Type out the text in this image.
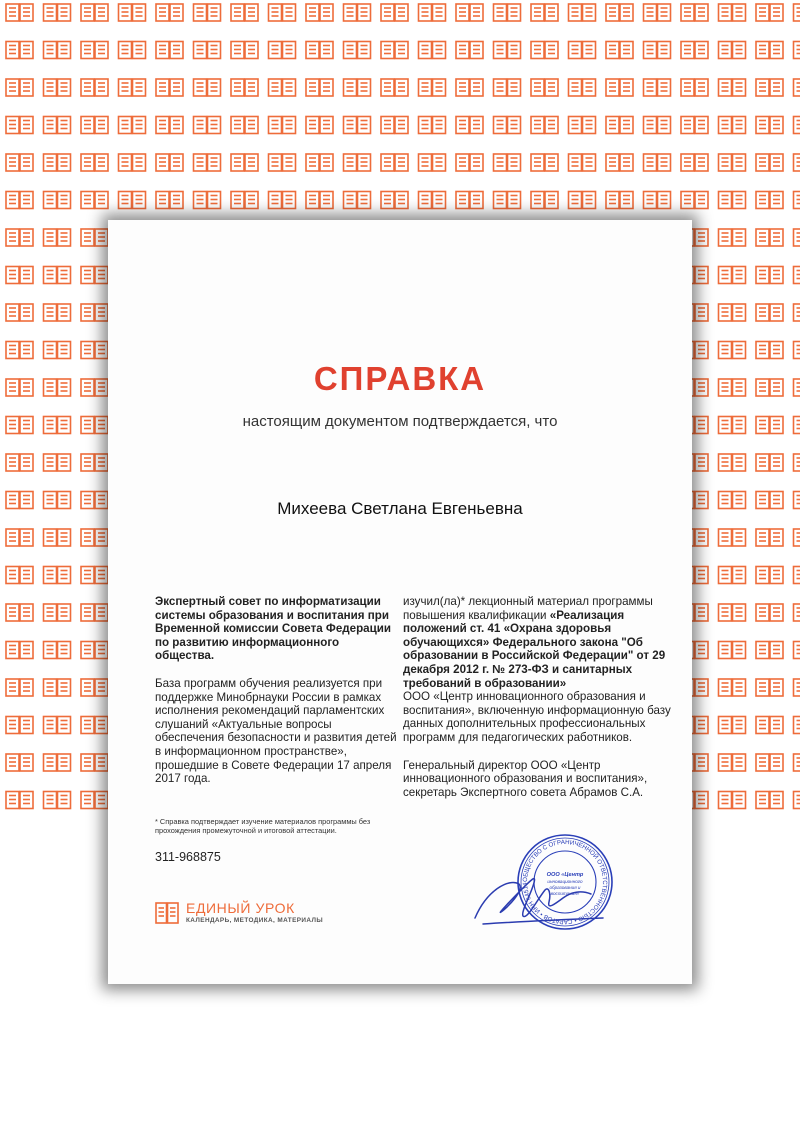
СПРАВКА
настоящим документом подтверждается, что
Михеева Светлана Евгеньевна

Экспертный совет по информатизации системы образования и воспитания при Временной комиссии Совета Федерации по развитию информационного общества.

База программ обучения реализуется при поддержке Минобрнауки России в рамках исполнения рекомендаций парламентских слушаний «Актуальные вопросы обеспечения безопасности и развития детей в информационном пространстве», прошедшие в Совете Федерации 17 апреля 2017 года.

* Справка подтверждает изучение материалов программы без прохождения промежуточной и итоговой аттестации.
311-968875

изучил(ла)* лекционный материал программы повышения квалификации «Реализация положений ст. 41 «Охрана здоровья обучающихся» Федерального закона "Об образовании в Российской Федерации" от 29 декабря 2012 г. № 273-ФЗ и санитарных требований в образовании»

ООО «Центр инновационного образования и воспитания», включенную информационную базу данных дополнительных профессиональных программ для педагогических работников.

Генеральный директор ООО «Центр инновационного образования и воспитания», секретарь Экспертного совета Абрамов С.А.

ЕДИНЫЙ УРОК
КАЛЕНДАРЬ, МЕТОДИКА, МАТЕРИАЛЫ
ОБЩЕСТВО С ОГРАНИЧЕННОЙ ОТВЕТСТВЕННОСТЬЮ • САРАТОВ • ИНН 64514
ООО «Центр
инновационного
образования и
воспитания»
